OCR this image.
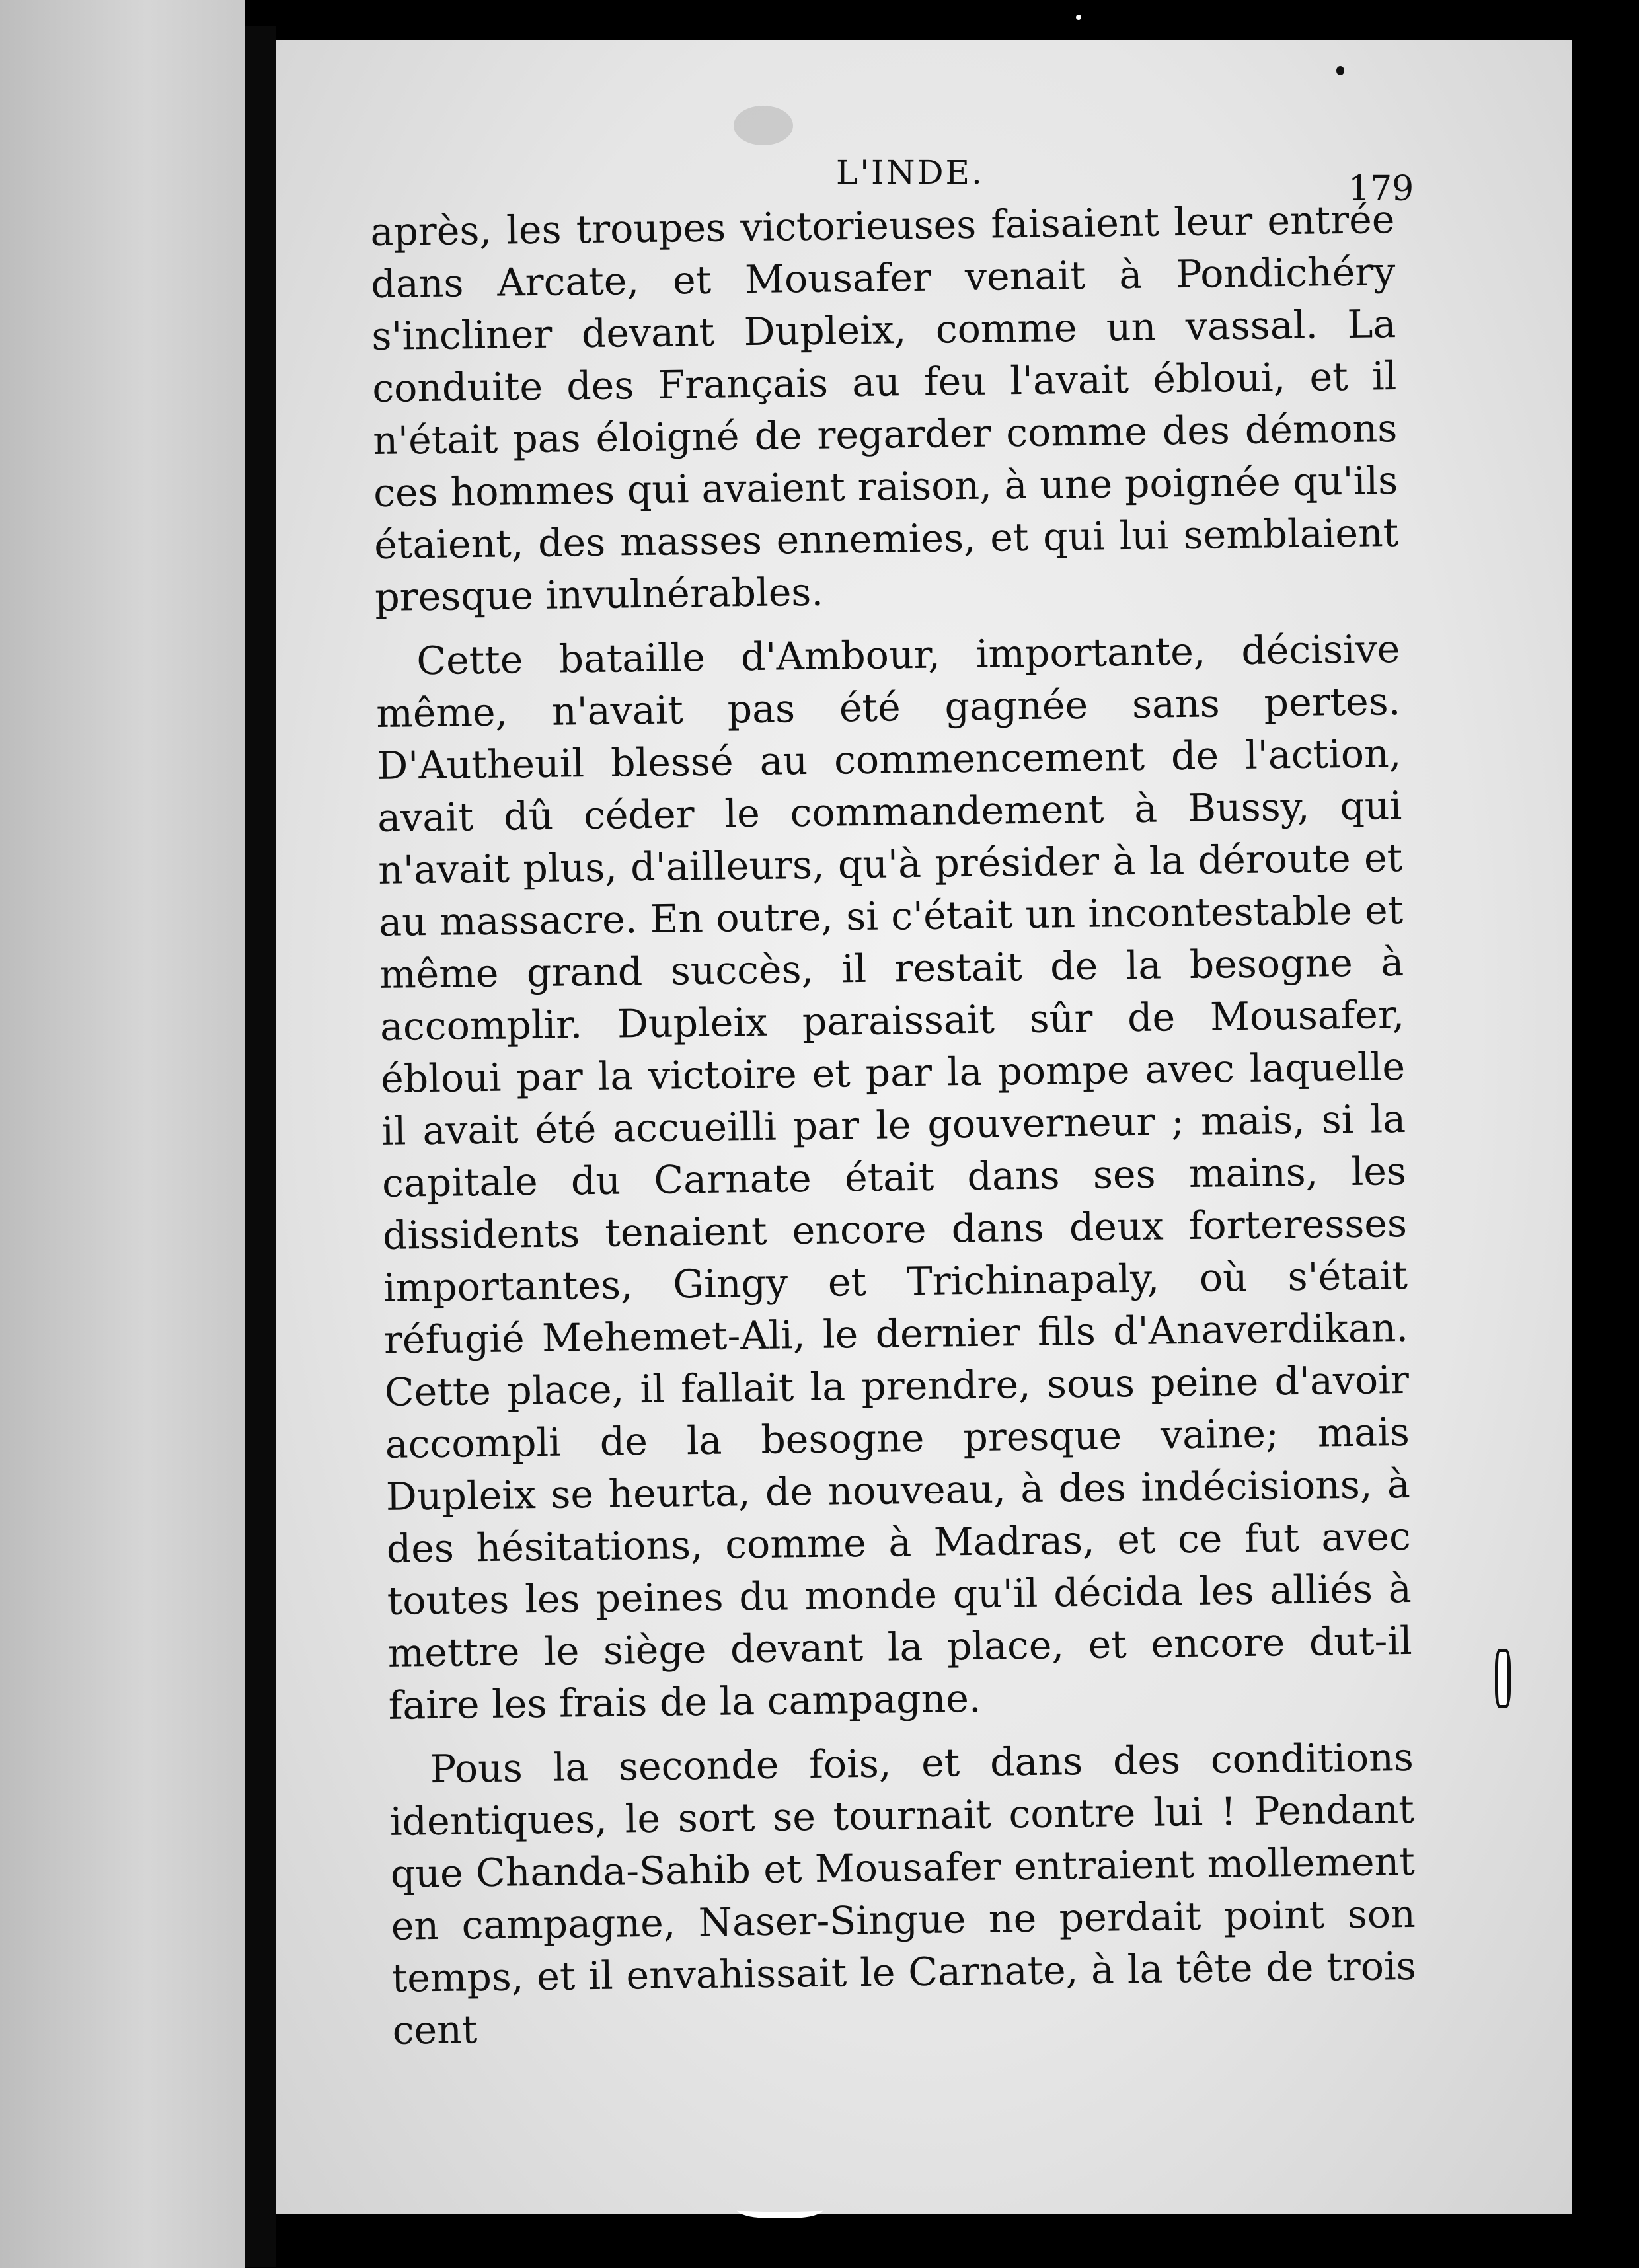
L'INDE.	179

après, les troupes victorieuses faisaient leur entrée dans Arcate, et Mousafer venait à Pondichéry s'incliner devant Dupleix, comme un vassal. La conduite des Français au feu l'avait ébloui, et il n'était pas éloigné de regarder comme des démons ces hommes qui avaient raison, à une poignée qu'ils étaient, des masses ennemies, et qui lui semblaient presque invulnérables.

Cette bataille d'Ambour, importante, décisive même, n'avait pas été gagnée sans pertes. D'Autheuil blessé au commencement de l'action, avait dû céder le commandement à Bussy, qui n'avait plus, d'ailleurs, qu'à présider à la déroute et au massacre. En outre, si c'était un incontestable et même grand succès, il restait de la besogne à accomplir. Dupleix paraissait sûr de Mousafer, ébloui par la victoire et par la pompe avec laquelle il avait été accueilli par le gouverneur ; mais, si la capitale du Carnate était dans ses mains, les dissidents tenaient encore dans deux forteresses importantes, Gingy et Trichinapaly, où s'était réfugié Mehemet-Ali, le dernier fils d'Anaverdikan. Cette place, il fallait la prendre, sous peine d'avoir accompli de la besogne presque vaine; mais Dupleix se heurta, de nouveau, à des indécisions, à des hésitations, comme à Madras, et ce fut avec toutes les peines du monde qu'il décida les alliés à mettre le siège devant la place, et encore dut-il faire les frais de la campagne.

Pous la seconde fois, et dans des conditions identiques, le sort se tournait contre lui ! Pendant que Chanda-Sahib et Mousafer entraient mollement en campagne, Naser-Singue ne perdait point son temps, et il envahissait le Carnate, à la tête de trois cent
